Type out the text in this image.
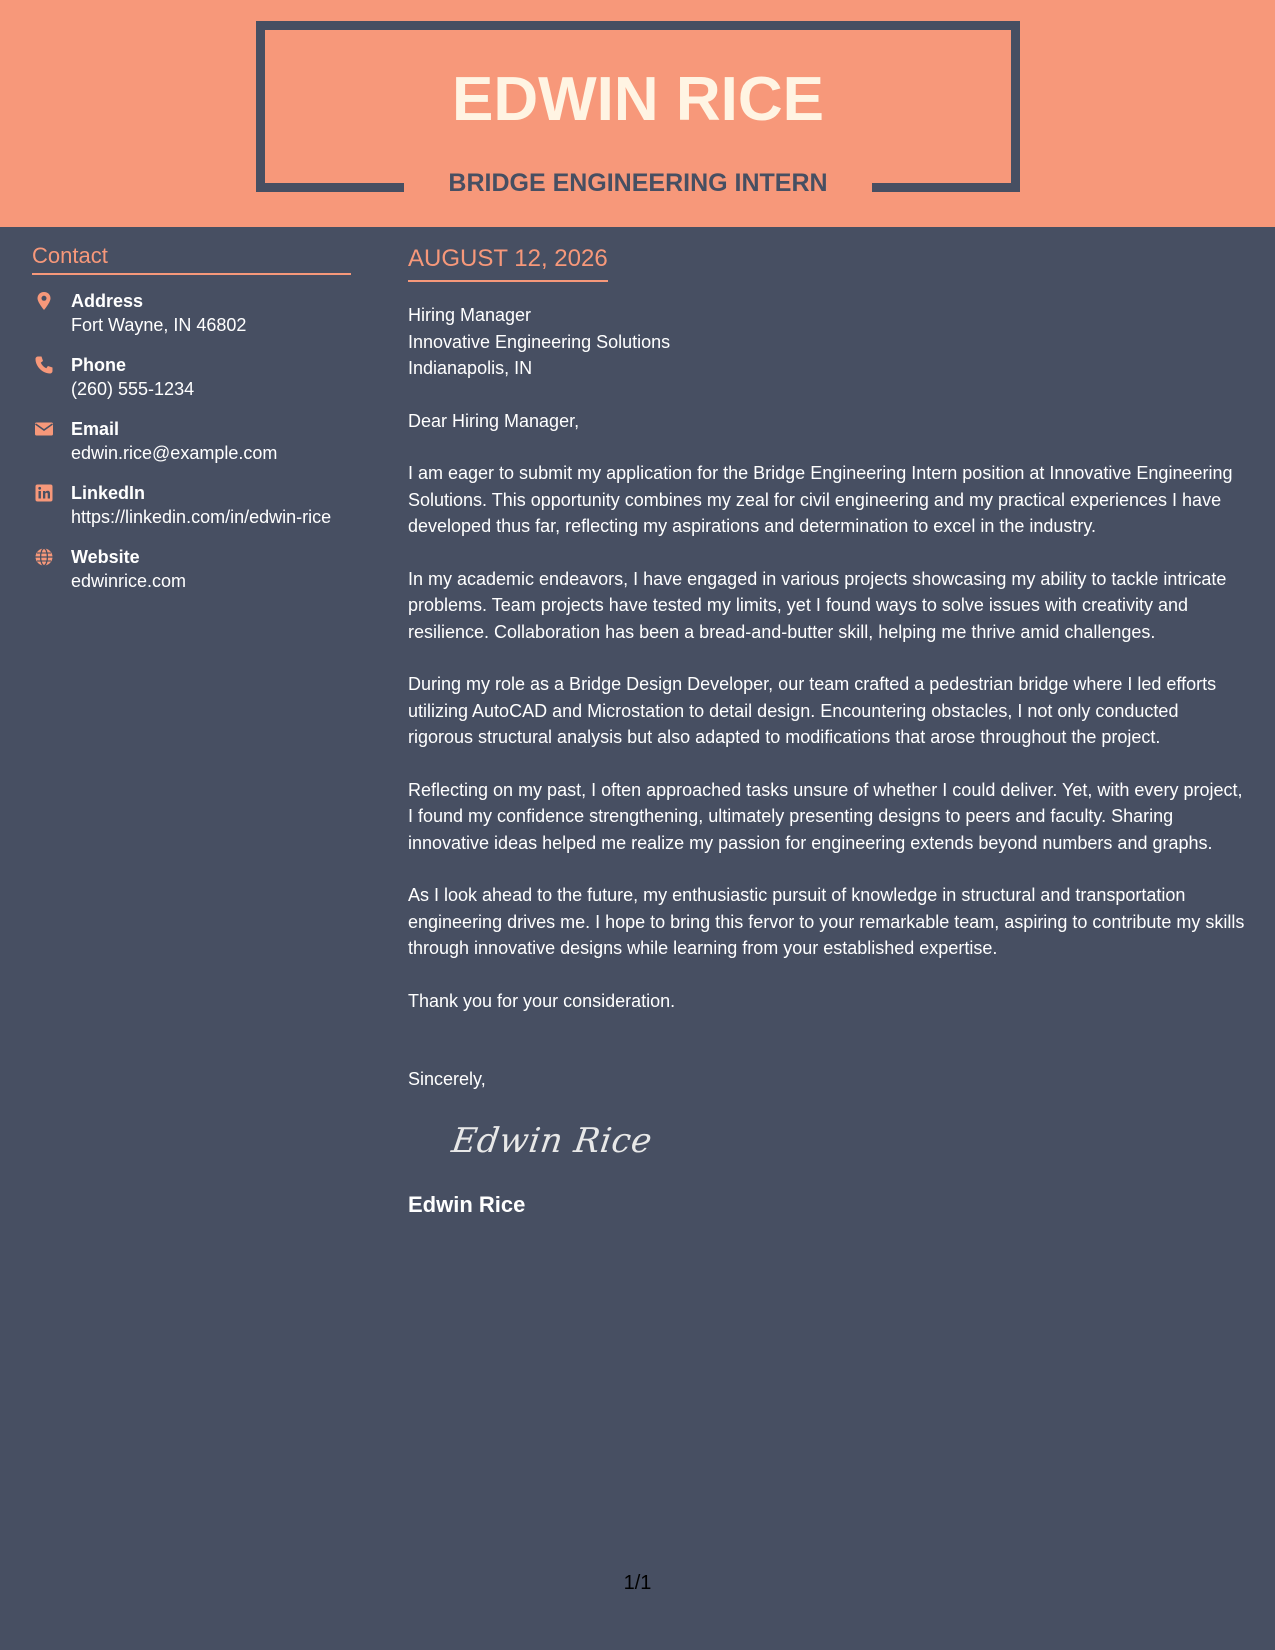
EDWIN RICE
BRIDGE ENGINEERING INTERN
Contact
Address
Fort Wayne, IN 46802
Phone
(260) 555-1234
Email
edwin.rice@example.com
LinkedIn
https://linkedin.com/in/edwin-rice
Website
edwinrice.com
AUGUST 12, 2026
Hiring Manager
Innovative Engineering Solutions
Indianapolis, IN
Dear Hiring Manager,
I am eager to submit my application for the Bridge Engineering Intern position at Innovative Engineering Solutions. This opportunity combines my zeal for civil engineering and my practical experiences I have developed thus far, reflecting my aspirations and determination to excel in the industry.
In my academic endeavors, I have engaged in various projects showcasing my ability to tackle intricate problems. Team projects have tested my limits, yet I found ways to solve issues with creativity and resilience. Collaboration has been a bread-and-butter skill, helping me thrive amid challenges.
During my role as a Bridge Design Developer, our team crafted a pedestrian bridge where I led efforts utilizing AutoCAD and Microstation to detail design. Encountering obstacles, I not only conducted rigorous structural analysis but also adapted to modifications that arose throughout the project.
Reflecting on my past, I often approached tasks unsure of whether I could deliver. Yet, with every project, I found my confidence strengthening, ultimately presenting designs to peers and faculty. Sharing innovative ideas helped me realize my passion for engineering extends beyond numbers and graphs.
As I look ahead to the future, my enthusiastic pursuit of knowledge in structural and transportation engineering drives me. I hope to bring this fervor to your remarkable team, aspiring to contribute my skills through innovative designs while learning from your established expertise.
Thank you for your consideration.
Sincerely,
Edwin Rice
Edwin Rice
1/1
